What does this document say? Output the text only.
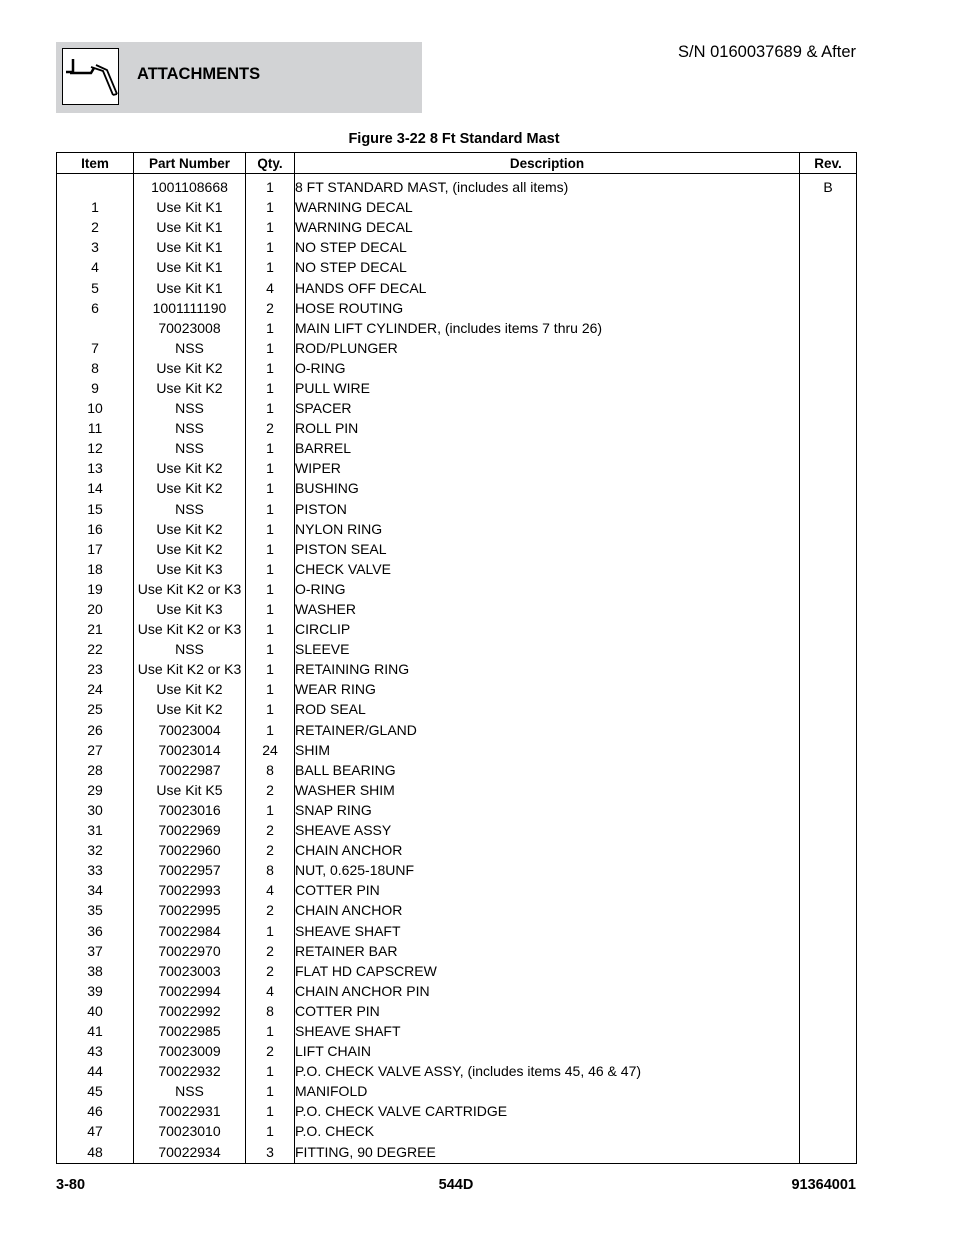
ATTACHMENTS
S/N 0160037689 & After
Figure 3-22 8 Ft Standard Mast
Item	Part Number	Qty.	Description	Rev.
	1001108668	1	8 FT STANDARD MAST, (includes all items)	B
1	Use Kit K1	1	WARNING DECAL	
2	Use Kit K1	1	WARNING DECAL	
3	Use Kit K1	1	NO STEP DECAL	
4	Use Kit K1	1	NO STEP DECAL	
5	Use Kit K1	4	HANDS OFF DECAL	
6	1001111190	2	HOSE ROUTING	
	70023008	1	MAIN LIFT CYLINDER, (includes items 7 thru 26)	
7	NSS	1	ROD/PLUNGER	
8	Use Kit K2	1	O-RING	
9	Use Kit K2	1	PULL WIRE	
10	NSS	1	SPACER	
11	NSS	2	ROLL PIN	
12	NSS	1	BARREL	
13	Use Kit K2	1	WIPER	
14	Use Kit K2	1	BUSHING	
15	NSS	1	PISTON	
16	Use Kit K2	1	NYLON RING	
17	Use Kit K2	1	PISTON SEAL	
18	Use Kit K3	1	CHECK VALVE	
19	Use Kit K2 or K3	1	O-RING	
20	Use Kit K3	1	WASHER	
21	Use Kit K2 or K3	1	CIRCLIP	
22	NSS	1	SLEEVE	
23	Use Kit K2 or K3	1	RETAINING RING	
24	Use Kit K2	1	WEAR RING	
25	Use Kit K2	1	ROD SEAL	
26	70023004	1	RETAINER/GLAND	
27	70023014	24	SHIM	
28	70022987	8	BALL BEARING	
29	Use Kit K5	2	WASHER SHIM	
30	70023016	1	SNAP RING	
31	70022969	2	SHEAVE ASSY	
32	70022960	2	CHAIN ANCHOR	
33	70022957	8	NUT, 0.625-18UNF	
34	70022993	4	COTTER PIN	
35	70022995	2	CHAIN ANCHOR	
36	70022984	1	SHEAVE SHAFT	
37	70022970	2	RETAINER BAR	
38	70023003	2	FLAT HD CAPSCREW	
39	70022994	4	CHAIN ANCHOR PIN	
40	70022992	8	COTTER PIN	
41	70022985	1	SHEAVE SHAFT	
43	70023009	2	LIFT CHAIN	
44	70022932	1	P.O. CHECK VALVE ASSY, (includes items 45, 46 & 47)	
45	NSS	1	MANIFOLD	
46	70022931	1	P.O. CHECK VALVE CARTRIDGE	
47	70023010	1	P.O. CHECK	
48	70022934	3	FITTING, 90 DEGREE	
3-80	544D	91364001
